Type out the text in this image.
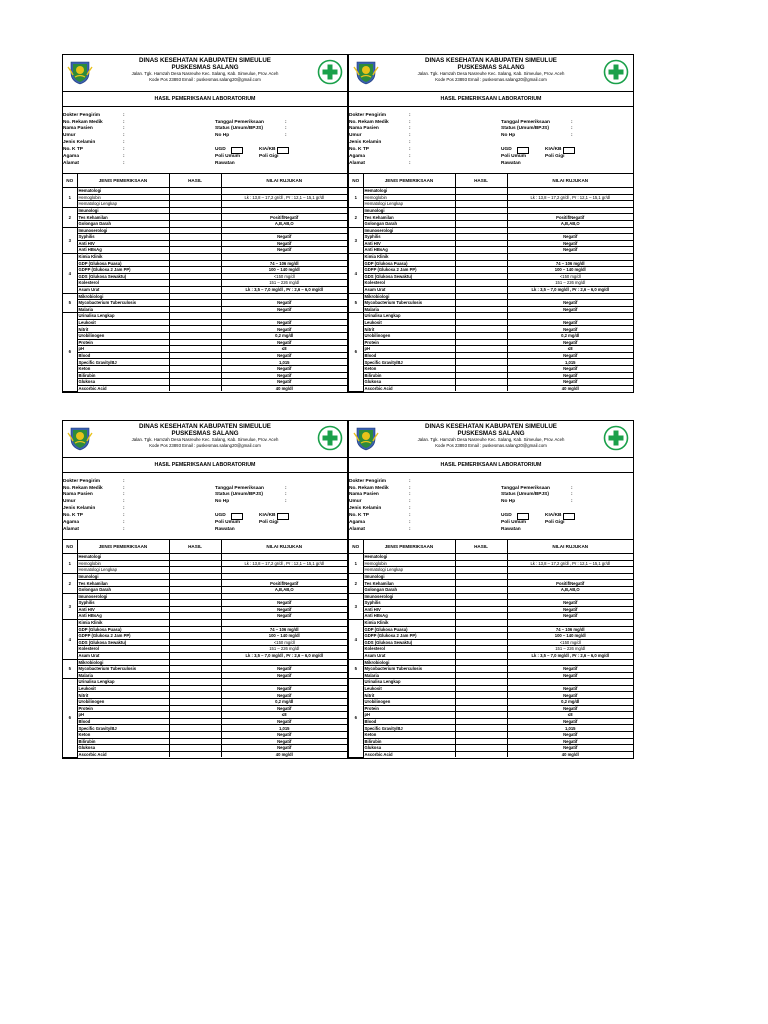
DINAS KESEHATAN KABUPATEN SIMEULUE
PUSKESMAS SALANG
Jalan. Tgk. Hamzah Desa Nasreuhe Kec. Salang, Kab. Simeulue, Prov. Aceh
Kode Pos 23893 Email : puskesmas.salang20@gmail.com
HASIL PEMERIKSAAN LABORATORIUM
Dokter Pengirim	:
No. Rekam Medik	:	Tanggal Pemeriksaan	:
Nama Pasien	:	Status (Umum/BPJS)	:
Umur	:	No Hp	:
Jenis Kelamin	:
No. K TP	:	UGD	KIA/KB
Agama	:	Poli Umum	Poli Gigi
Alamat	:	Rawatan
NO	JENIS PEMERIKSAAN	HASIL	NILAI RUJUKAN
1	Hematologi		
	Hemoglobin		Lk : 13,8 – 17,2 gr/dl , Pr : 12,1 – 15,1 gr/dl
	Hematologi Lengkap		
2	Imunologi		
	Tes Kehamilan		Positif/Negatif
	Golongan Darah		A,B,AB,O
3	Imunoserologi		
	Syphilis		Negatif
	Anti HIV		Negatif
	Anti HBsAg		Negatif
4	Kimia Klinik		
	GDP (Glukosa Puasa)		74 – 106 mg/dl
	GDPP (Glukosa 2 Jam PP)		100 – 140 mg/dl
	GDS (Glukosa Sewaktu)		<150 mg/dl
	Kolesterol		151 – 226 mg/dl
	Asam Urat		Lk : 3,5 – 7,0 mg/dl , Pr : 2,6 – 6,0 mg/dl
5	Mikrobiologi		
	Mycobacterium Tuberculosis		Negatif
	Malaria		Negatif
6	Urinalisa Lengkap		
	Leukosit		Negatif
	Nitrit		Negatif
	Urobilinogen		0,2 mg/dl
	Protein		Negatif
	pH		≤8
	Blood		Negatif
	Specific Gravity/BJ		1,015
	Keton		Negatif
	Bilirubin		Negatif
	Glukosa		Negatif
	Ascorbic Acid		40 mg/dl
DINAS KESEHATAN KABUPATEN SIMEULUE
PUSKESMAS SALANG
Jalan. Tgk. Hamzah Desa Nasreuhe Kec. Salang, Kab. Simeulue, Prov. Aceh
Kode Pos 23893 Email : puskesmas.salang20@gmail.com
HASIL PEMERIKSAAN LABORATORIUM
Dokter Pengirim	:
No. Rekam Medik	:	Tanggal Pemeriksaan	:
Nama Pasien	:	Status (Umum/BPJS)	:
Umur	:	No Hp	:
Jenis Kelamin	:
No. K TP	:	UGD	KIA/KB
Agama	:	Poli Umum	Poli Gigi
Alamat	:	Rawatan
NO	JENIS PEMERIKSAAN	HASIL	NILAI RUJUKAN
1	Hematologi		
	Hemoglobin		Lk : 13,8 – 17,2 gr/dl , Pr : 12,1 – 15,1 gr/dl
	Hematologi Lengkap		
2	Imunologi		
	Tes Kehamilan		Positif/Negatif
	Golongan Darah		A,B,AB,O
3	Imunoserologi		
	Syphilis		Negatif
	Anti HIV		Negatif
	Anti HBsAg		Negatif
4	Kimia Klinik		
	GDP (Glukosa Puasa)		74 – 106 mg/dl
	GDPP (Glukosa 2 Jam PP)		100 – 140 mg/dl
	GDS (Glukosa Sewaktu)		<150 mg/dl
	Kolesterol		151 – 226 mg/dl
	Asam Urat		Lk : 3,5 – 7,0 mg/dl , Pr : 2,6 – 6,0 mg/dl
5	Mikrobiologi		
	Mycobacterium Tuberculosis		Negatif
	Malaria		Negatif
6	Urinalisa Lengkap		
	Leukosit		Negatif
	Nitrit		Negatif
	Urobilinogen		0,2 mg/dl
	Protein		Negatif
	pH		≤8
	Blood		Negatif
	Specific Gravity/BJ		1,015
	Keton		Negatif
	Bilirubin		Negatif
	Glukosa		Negatif
	Ascorbic Acid		40 mg/dl
DINAS KESEHATAN KABUPATEN SIMEULUE
PUSKESMAS SALANG
Jalan. Tgk. Hamzah Desa Nasreuhe Kec. Salang, Kab. Simeulue, Prov. Aceh
Kode Pos 23893 Email : puskesmas.salang20@gmail.com
HASIL PEMERIKSAAN LABORATORIUM
Dokter Pengirim	:
No. Rekam Medik	:	Tanggal Pemeriksaan	:
Nama Pasien	:	Status (Umum/BPJS)	:
Umur	:	No Hp	:
Jenis Kelamin	:
No. K TP	:	UGD	KIA/KB
Agama	:	Poli Umum	Poli Gigi
Alamat	:	Rawatan
NO	JENIS PEMERIKSAAN	HASIL	NILAI RUJUKAN
1	Hematologi		
	Hemoglobin		Lk : 13,8 – 17,2 gr/dl , Pr : 12,1 – 15,1 gr/dl
	Hematologi Lengkap		
2	Imunologi		
	Tes Kehamilan		Positif/Negatif
	Golongan Darah		A,B,AB,O
3	Imunoserologi		
	Syphilis		Negatif
	Anti HIV		Negatif
	Anti HBsAg		Negatif
4	Kimia Klinik		
	GDP (Glukosa Puasa)		74 – 106 mg/dl
	GDPP (Glukosa 2 Jam PP)		100 – 140 mg/dl
	GDS (Glukosa Sewaktu)		<150 mg/dl
	Kolesterol		151 – 226 mg/dl
	Asam Urat		Lk : 3,5 – 7,0 mg/dl , Pr : 2,6 – 6,0 mg/dl
5	Mikrobiologi		
	Mycobacterium Tuberculosis		Negatif
	Malaria		Negatif
6	Urinalisa Lengkap		
	Leukosit		Negatif
	Nitrit		Negatif
	Urobilinogen		0,2 mg/dl
	Protein		Negatif
	pH		≤8
	Blood		Negatif
	Specific Gravity/BJ		1,015
	Keton		Negatif
	Bilirubin		Negatif
	Glukosa		Negatif
	Ascorbic Acid		40 mg/dl
DINAS KESEHATAN KABUPATEN SIMEULUE
PUSKESMAS SALANG
Jalan. Tgk. Hamzah Desa Nasreuhe Kec. Salang, Kab. Simeulue, Prov. Aceh
Kode Pos 23893 Email : puskesmas.salang20@gmail.com
HASIL PEMERIKSAAN LABORATORIUM
Dokter Pengirim	:
No. Rekam Medik	:	Tanggal Pemeriksaan	:
Nama Pasien	:	Status (Umum/BPJS)	:
Umur	:	No Hp	:
Jenis Kelamin	:
No. K TP	:	UGD	KIA/KB
Agama	:	Poli Umum	Poli Gigi
Alamat	:	Rawatan
NO	JENIS PEMERIKSAAN	HASIL	NILAI RUJUKAN
1	Hematologi		
	Hemoglobin		Lk : 13,8 – 17,2 gr/dl , Pr : 12,1 – 15,1 gr/dl
	Hematologi Lengkap		
2	Imunologi		
	Tes Kehamilan		Positif/Negatif
	Golongan Darah		A,B,AB,O
3	Imunoserologi		
	Syphilis		Negatif
	Anti HIV		Negatif
	Anti HBsAg		Negatif
4	Kimia Klinik		
	GDP (Glukosa Puasa)		74 – 106 mg/dl
	GDPP (Glukosa 2 Jam PP)		100 – 140 mg/dl
	GDS (Glukosa Sewaktu)		<150 mg/dl
	Kolesterol		151 – 226 mg/dl
	Asam Urat		Lk : 3,5 – 7,0 mg/dl , Pr : 2,6 – 6,0 mg/dl
5	Mikrobiologi		
	Mycobacterium Tuberculosis		Negatif
	Malaria		Negatif
6	Urinalisa Lengkap		
	Leukosit		Negatif
	Nitrit		Negatif
	Urobilinogen		0,2 mg/dl
	Protein		Negatif
	pH		≤8
	Blood		Negatif
	Specific Gravity/BJ		1,015
	Keton		Negatif
	Bilirubin		Negatif
	Glukosa		Negatif
	Ascorbic Acid		40 mg/dl
